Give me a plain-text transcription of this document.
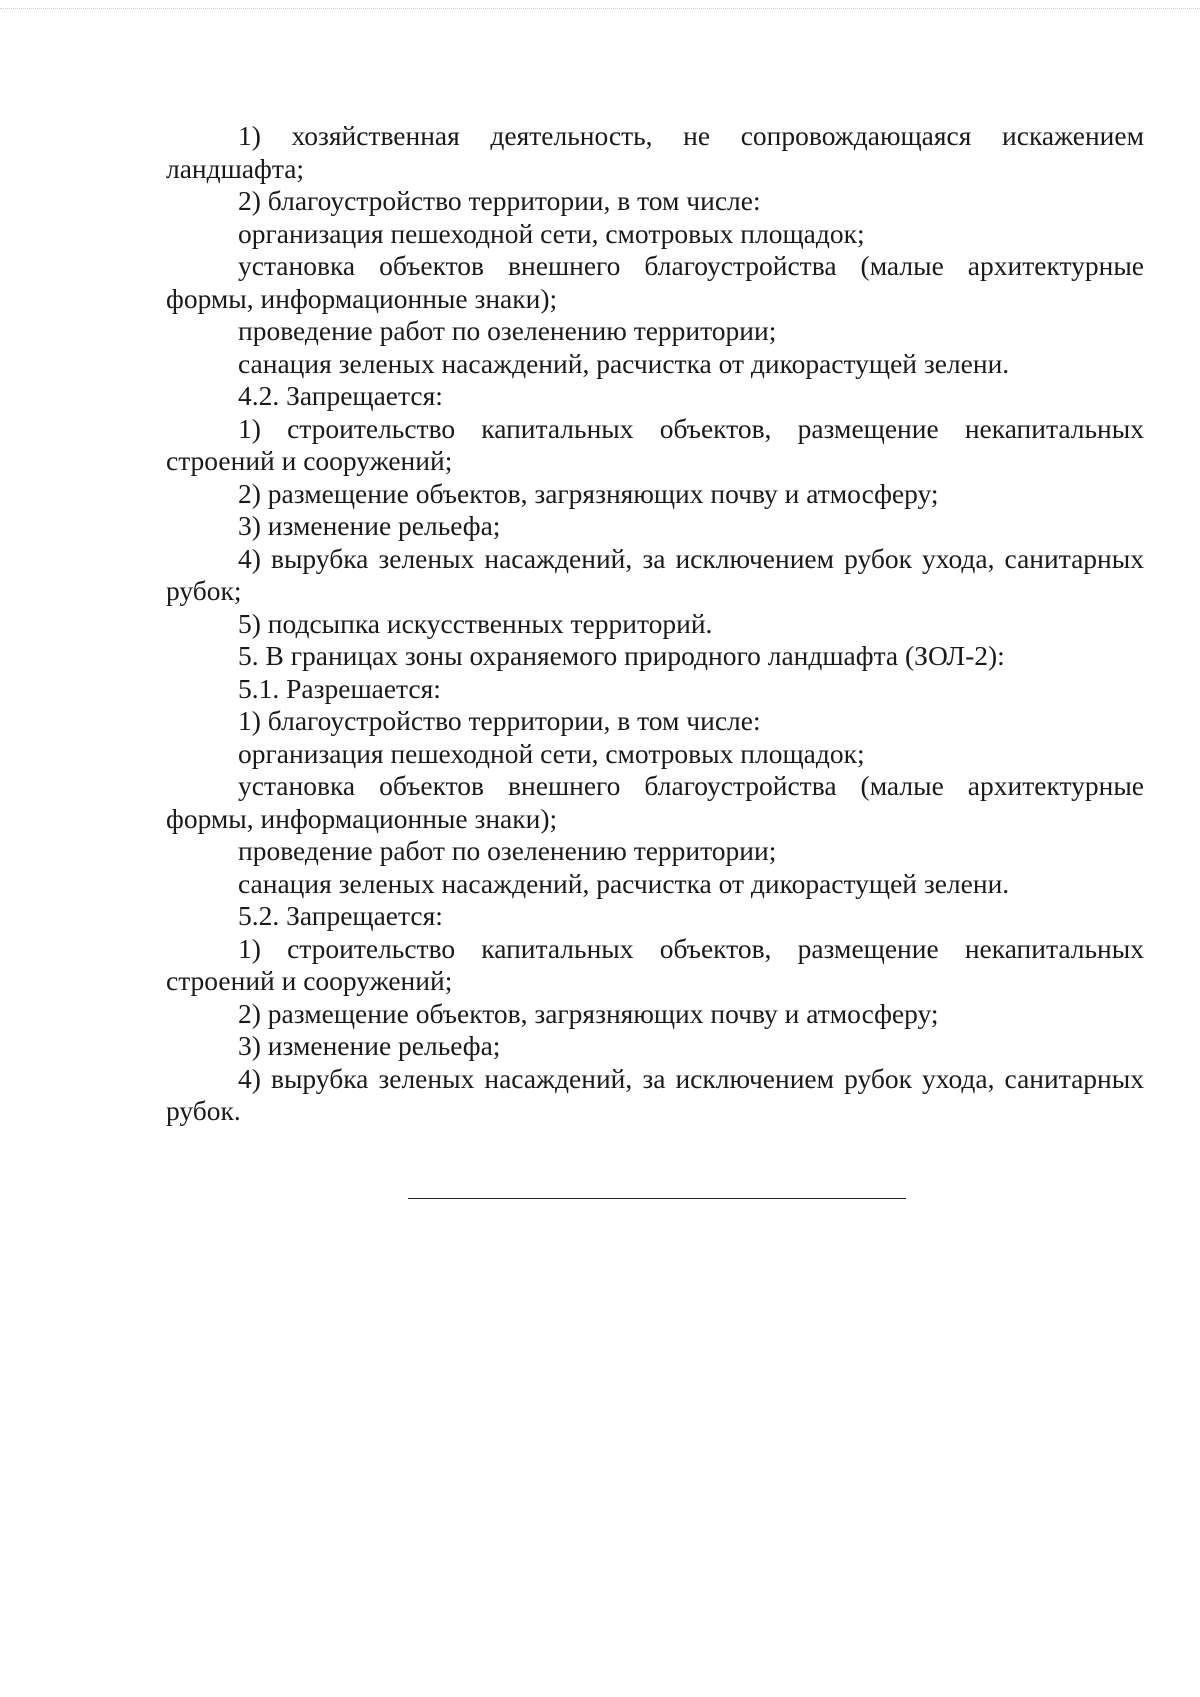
1) хозяйственная деятельность, не сопровождающаяся искажением ландшафта;

2) благоустройство территории, в том числе:

организация пешеходной сети, смотровых площадок;

установка объектов внешнего благоустройства (малые архитектурные формы, информационные знаки);

проведение работ по озеленению территории;

санация зеленых насаждений, расчистка от дикорастущей зелени.

4.2. Запрещается:

1) строительство капитальных объектов, размещение некапитальных строений и сооружений;

2) размещение объектов, загрязняющих почву и атмосферу;

3) изменение рельефа;

4) вырубка зеленых насаждений, за исключением рубок ухода, санитарных рубок;

5) подсыпка искусственных территорий.

5. В границах зоны охраняемого природного ландшафта (ЗОЛ-2):

5.1. Разрешается:

1) благоустройство территории, в том числе:

организация пешеходной сети, смотровых площадок;

установка объектов внешнего благоустройства (малые архитектурные формы, информационные знаки);

проведение работ по озеленению территории;

санация зеленых насаждений, расчистка от дикорастущей зелени.

5.2. Запрещается:

1) строительство капитальных объектов, размещение некапитальных строений и сооружений;

2) размещение объектов, загрязняющих почву и атмосферу;

3) изменение рельефа;

4) вырубка зеленых насаждений, за исключением рубок ухода, санитарных рубок.
